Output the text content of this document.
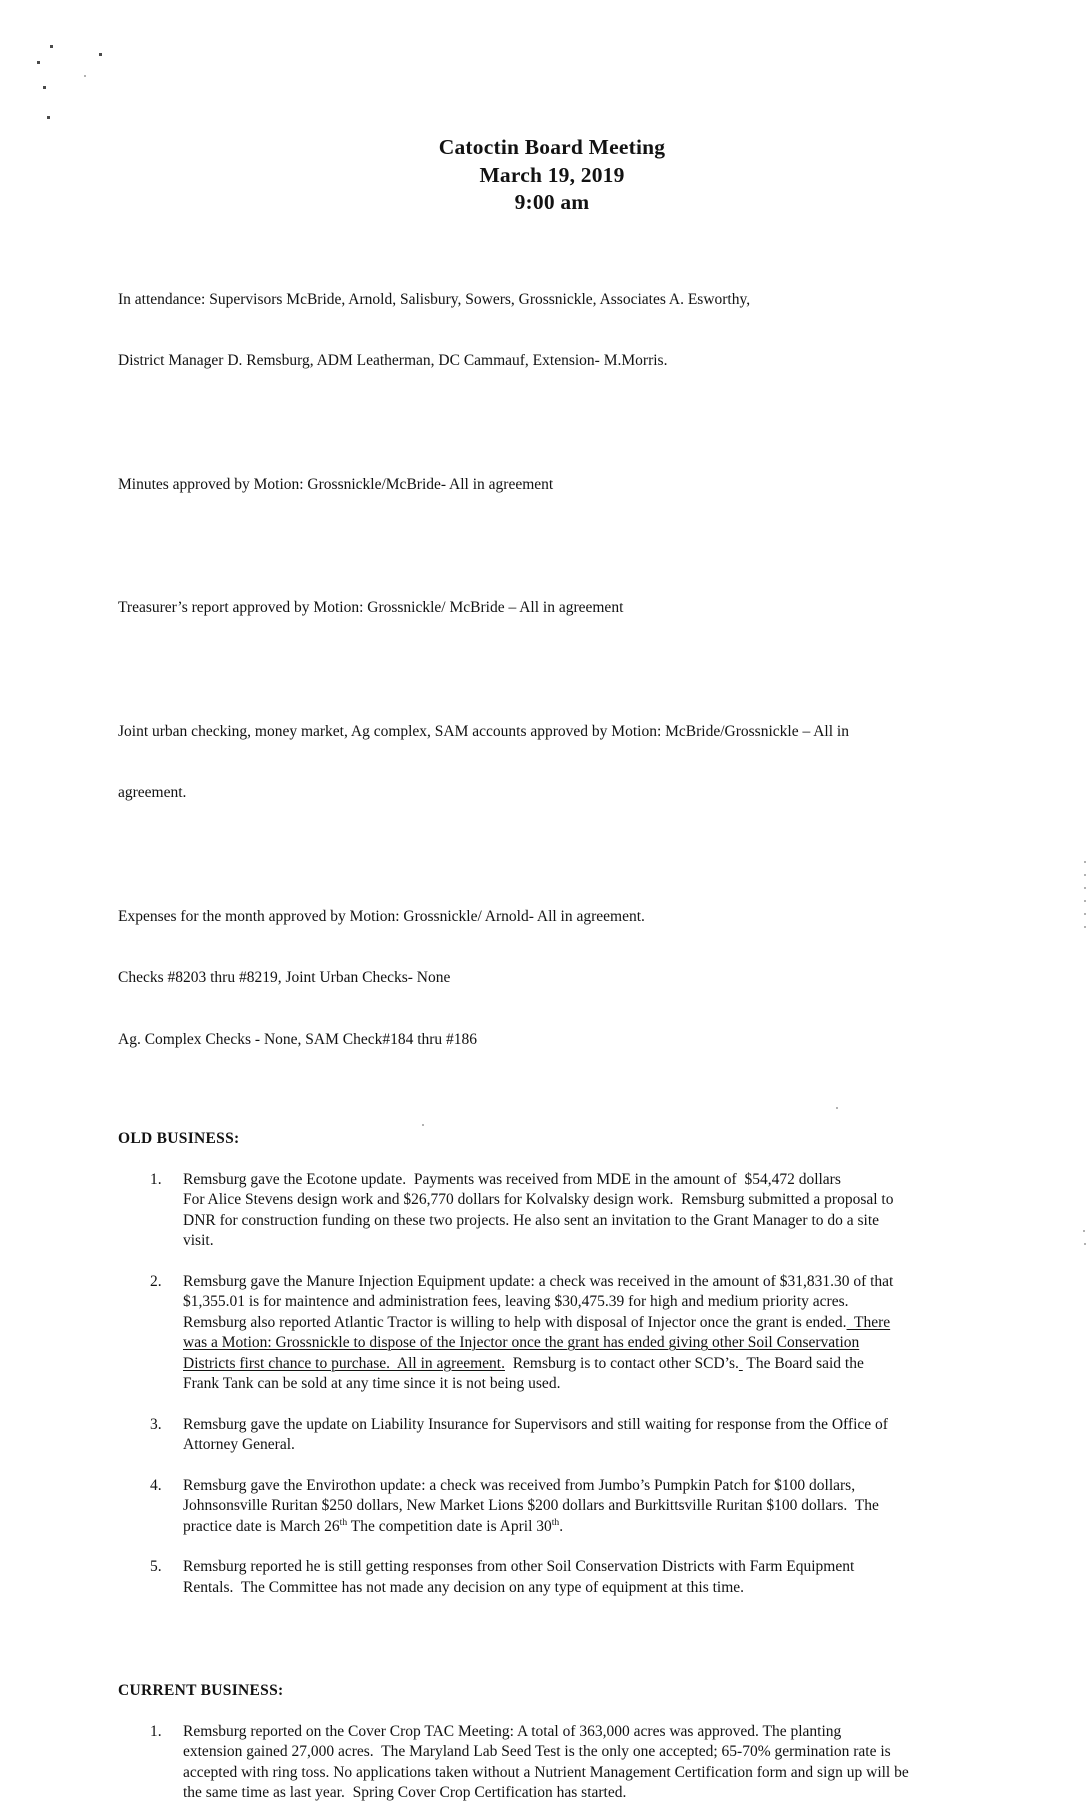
Catoctin Board Meeting
March 19, 2019
9:00 am

In attendance: Supervisors McBride, Arnold, Salisbury, Sowers, Grossnickle, Associates A. Esworthy,

District Manager D. Remsburg, ADM Leatherman, DC Cammauf, Extension- M.Morris.

Minutes approved by Motion: Grossnickle/McBride- All in agreement

Treasurer’s report approved by Motion: Grossnickle/ McBride – All in agreement

Joint urban checking, money market, Ag complex, SAM accounts approved by Motion: McBride/Grossnickle – All in

agreement.

Expenses for the month approved by Motion: Grossnickle/ Arnold- All in agreement.

Checks #8203 thru #8219, Joint Urban Checks- None

Ag. Complex Checks - None, SAM Check#184 thru #186

OLD BUSINESS:
1.	Remsburg gave the Ecotone update.  Payments was received from MDE in the amount of  $54,472 dollars
For Alice Stevens design work and $26,770 dollars for Kolvalsky design work.  Remsburg submitted a proposal to
DNR for construction funding on these two projects. He also sent an invitation to the Grant Manager to do a site
visit.
2.	Remsburg gave the Manure Injection Equipment update: a check was received in the amount of $31,831.30 of that
$1,355.01 is for maintence and administration fees, leaving $30,475.39 for high and medium priority acres.
Remsburg also reported Atlantic Tractor is willing to help with disposal of Injector once the grant is ended.  There
was a Motion: Grossnickle to dispose of the Injector once the grant has ended giving other Soil Conservation
Districts first chance to purchase.  All in agreement.  Remsburg is to contact other SCD’s.  The Board said the
Frank Tank can be sold at any time since it is not being used.
3.	Remsburg gave the update on Liability Insurance for Supervisors and still waiting for response from the Office of
Attorney General.
4.	Remsburg gave the Envirothon update: a check was received from Jumbo’s Pumpkin Patch for $100 dollars,
Johnsonsville Ruritan $250 dollars, New Market Lions $200 dollars and Burkittsville Ruritan $100 dollars.  The
practice date is March 26th The competition date is April 30th.
5.	Remsburg reported he is still getting responses from other Soil Conservation Districts with Farm Equipment
Rentals.  The Committee has not made any decision on any type of equipment at this time.
CURRENT BUSINESS:
1.	Remsburg reported on the Cover Crop TAC Meeting: A total of 363,000 acres was approved. The planting
extension gained 27,000 acres.  The Maryland Lab Seed Test is the only one accepted; 65-70% germination rate is
accepted with ring toss. No applications taken without a Nutrient Management Certification form and sign up will be
the same time as last year.  Spring Cover Crop Certification has started.
